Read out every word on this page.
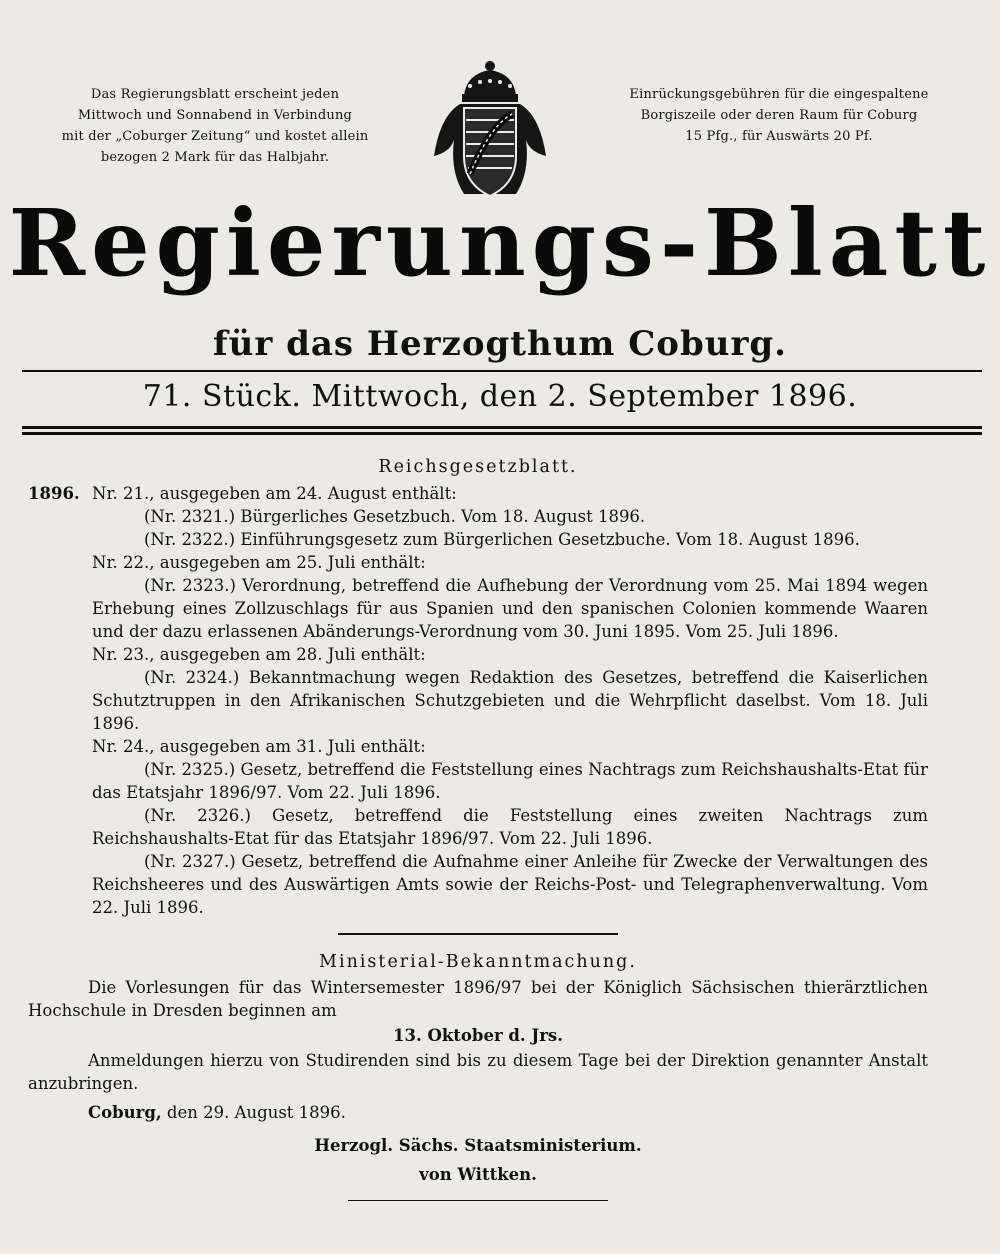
Das Regierungsblatt erscheint jeden
Mittwoch und Sonnabend in Verbindung
mit der „Coburger Zeitung“ und kostet allein
bezogen 2 Mark für das Halbjahr.
Einrückungsgebühren für die eingespaltene
Borgiszeile oder deren Raum für Coburg
15 Pfg., für Auswärts 20 Pf.
Regierungs-Blatt
für das Herzogthum Coburg.
71. Stück. Mittwoch, den 2. September 1896.
Reichsgesetzblatt.
1896. Nr. 21., ausgegeben am 24. August enthält:
(Nr. 2321.) Bürgerliches Gesetzbuch. Vom 18. August 1896.
(Nr. 2322.) Einführungsgesetz zum Bürgerlichen Gesetzbuche. Vom 18. August 1896.
Nr. 22., ausgegeben am 25. Juli enthält:
(Nr. 2323.) Verordnung, betreffend die Aufhebung der Verordnung vom 25. Mai 1894 wegen Erhebung eines Zollzuschlags für aus Spanien und den spanischen Colonien kommende Waaren und der dazu erlassenen Abänderungs-Verordnung vom 30. Juni 1895. Vom 25. Juli 1896.
Nr. 23., ausgegeben am 28. Juli enthält:
(Nr. 2324.) Bekanntmachung wegen Redaktion des Gesetzes, betreffend die Kaiserlichen Schutztruppen in den Afrikanischen Schutzgebieten und die Wehrpflicht daselbst. Vom 18. Juli 1896.
Nr. 24., ausgegeben am 31. Juli enthält:
(Nr. 2325.) Gesetz, betreffend die Feststellung eines Nachtrags zum Reichshaushalts-Etat für das Etatsjahr 1896/97. Vom 22. Juli 1896.
(Nr. 2326.) Gesetz, betreffend die Feststellung eines zweiten Nachtrags zum Reichshaushalts-Etat für das Etatsjahr 1896/97. Vom 22. Juli 1896.
(Nr. 2327.) Gesetz, betreffend die Aufnahme einer Anleihe für Zwecke der Verwaltungen des Reichsheeres und des Auswärtigen Amts sowie der Reichs-Post- und Telegraphenverwaltung. Vom 22. Juli 1896.
Ministerial-Bekanntmachung.
Die Vorlesungen für das Wintersemester 1896/97 bei der Königlich Sächsischen thierärztlichen Hochschule in Dresden beginnen am
13. Oktober d. Jrs.
Anmeldungen hierzu von Studirenden sind bis zu diesem Tage bei der Direktion genannter Anstalt anzubringen.
Coburg, den 29. August 1896.
Herzogl. Sächs. Staatsministerium.
von Wittken.
